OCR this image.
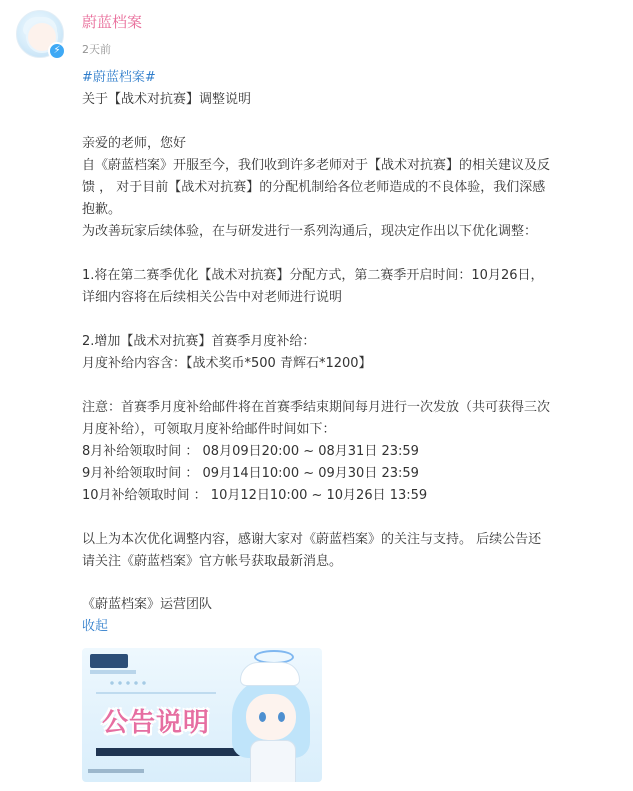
⚡
蔚蓝档案
2天前
#蔚蓝档案#
关于【战术对抗赛】调整说明
亲爱的老师，您好
自《蔚蓝档案》开服至今，我们收到许多老师对于【战术对抗赛】的相关建议及反
馈 ， 对于目前【战术对抗赛】的分配机制给各位老师造成的不良体验，我们深感
抱歉。
为改善玩家后续体验，在与研发进行一系列沟通后，现决定作出以下优化调整：
1.将在第二赛季优化【战术对抗赛】分配方式，第二赛季开启时间：10月26日，
详细内容将在后续相关公告中对老师进行说明
2.增加【战术对抗赛】首赛季月度补给：
月度补给内容含：【战术奖币*500 青辉石*1200】
注意：首赛季月度补给邮件将在首赛季结束期间每月进行一次发放（共可获得三次
月度补给），可领取月度补给邮件时间如下：
8月补给领取时间 ： 08月09日20:00 ~ 08月31日 23:59
9月补给领取时间 ： 09月14日10:00 ~ 09月30日 23:59
10月补给领取时间 ： 10月12日10:00 ~ 10月26日 13:59
以上为本次优化调整内容，感谢大家对《蔚蓝档案》的关注与支持。 后续公告还
请关注《蔚蓝档案》官方帐号获取最新消息。
《蔚蓝档案》运营团队
收起
公告说明
